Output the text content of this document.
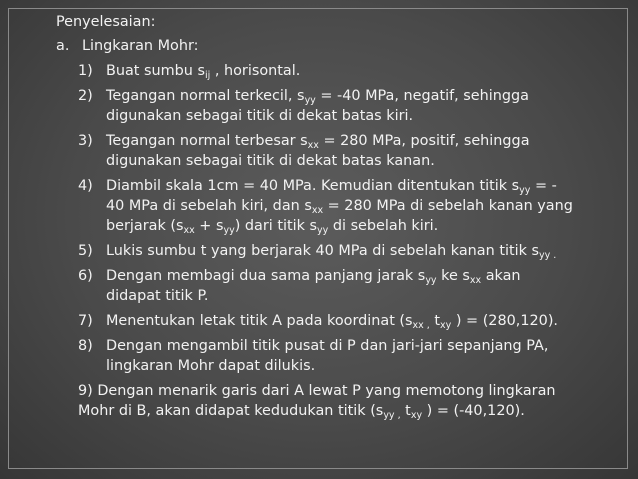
Penyelesaian:
a. Lingkaran Mohr:
1) Buat sumbu $s_{ij}$ , horisontal.
2) Tegangan normal terkecil, $s_{yy} = -40$ MPa, negatif, sehingga
digunakan sebagai titik di dekat batas kiri.
3) Tegangan normal terbesar $s_{xx} = 280$ MPa, positif, sehingga
digunakan sebagai titik di dekat batas kanan.
4) Diambil skala 1cm = 40 MPa. Kemudian ditentukan titik $s_{yy}$ = -
40 MPa di sebelah kiri, dan $s_{xx} = 280$ MPa di sebelah kanan yang
berjarak $(s_{xx} + s_{yy})$ dari titik $s_{yy}$ di sebelah kiri.
5) Lukis sumbu t yang berjarak 40 MPa di sebelah kanan titik $s_{yy .}$
6) Dengan membagi dua sama panjang jarak $s_{yy}$ ke $s_{xx}$ akan
didapat titik P.
7) Menentukan letak titik A pada koordinat ($s_{xx ,}$ $t_{xy}$ ) = (280,120).
8) Dengan mengambil titik pusat di P dan jari-jari sepanjang PA,
lingkaran Mohr dapat dilukis.
9) Dengan menarik garis dari A lewat P yang memotong lingkaran
Mohr di B, akan didapat kedudukan titik ($s_{yy ,}$ $t_{xy}$ ) = (-40,120).
